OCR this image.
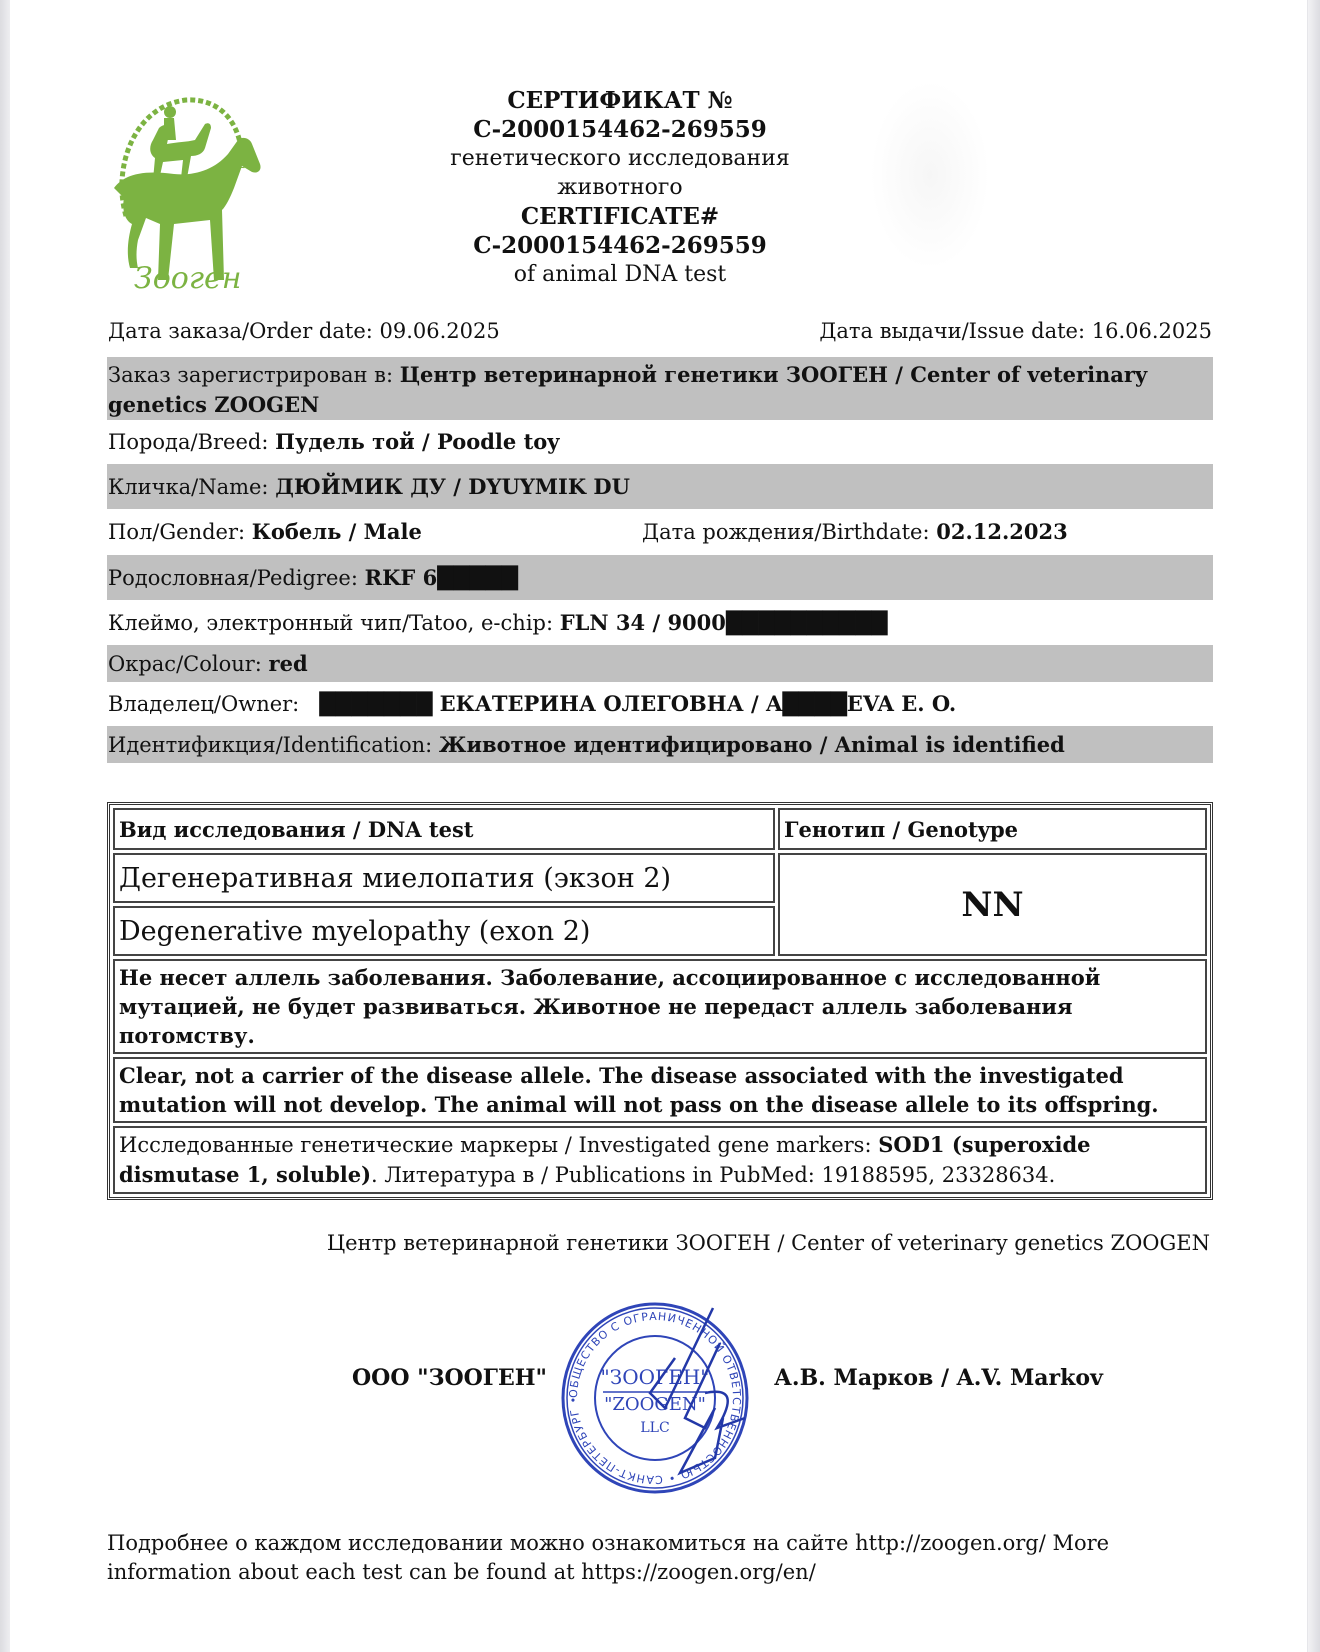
Зооген
СЕРТИФИКАТ №
C-2000154462-269559
генетического исследования
животного
CERTIFICATE#
C-2000154462-269559
of animal DNA test
Дата заказа/Order date: 09.06.2025	Дата выдачи/Issue date: 16.06.2025
Заказ зарегистрирован в: Центр ветеринарной генетики ЗООГЕН / Center of veterinary genetics ZOOGEN
Порода/Breed: Пудель той / Poodle toy
Кличка/Name: ДЮЙМИК ДУ / DYUYMIK DU
Пол/Gender: Кобель / Male	Дата рождения/Birthdate: 02.12.2023
Родословная/Pedigree: RKF 6█████
Клеймо, электронный чип/Tatoo, e-chip: FLN 34 / 9000██████████
Окрас/Colour: red
Владелец/Owner: ███████ ЕКАТЕРИНА ОЛЕГОВНА / A████EVA E. O.
Идентификция/Identification: Животное идентифицировано / Animal is identified
Вид исследования / DNA test	Генотип / Genotype
Дегенеративная миелопатия (экзон 2)	NN
Degenerative myelopathy (exon 2)	
Не несет аллель заболевания. Заболевание, ассоциированное с исследованной мутацией, не будет развиваться. Животное не передаст аллель заболевания потомству.	
Clear, not a carrier of the disease allele. The disease associated with the investigated mutation will not develop. The animal will not pass on the disease allele to its offspring.	
Исследованные генетические маркеры / Investigated gene markers: SOD1 (superoxide dismutase 1, soluble). Литература в / Publications in PubMed: 19188595, 23328634.	
Центр ветеринарной генетики ЗООГЕН / Center of veterinary genetics ZOOGEN
ООО "ЗООГЕН"
ОБЩЕСТВО С ОГРАНИЧЕННОЙ ОТВЕТСТВЕННОСТЬЮ • САНКТ-ПЕТЕРБУРГ •
"ЗООГЕН"
"ZOOGEN"
LLC
А.В. Марков / A.V. Markov
Подробнее о каждом исследовании можно ознакомиться на сайте http://zoogen.org/ More information about each test can be found at https://zoogen.org/en/
